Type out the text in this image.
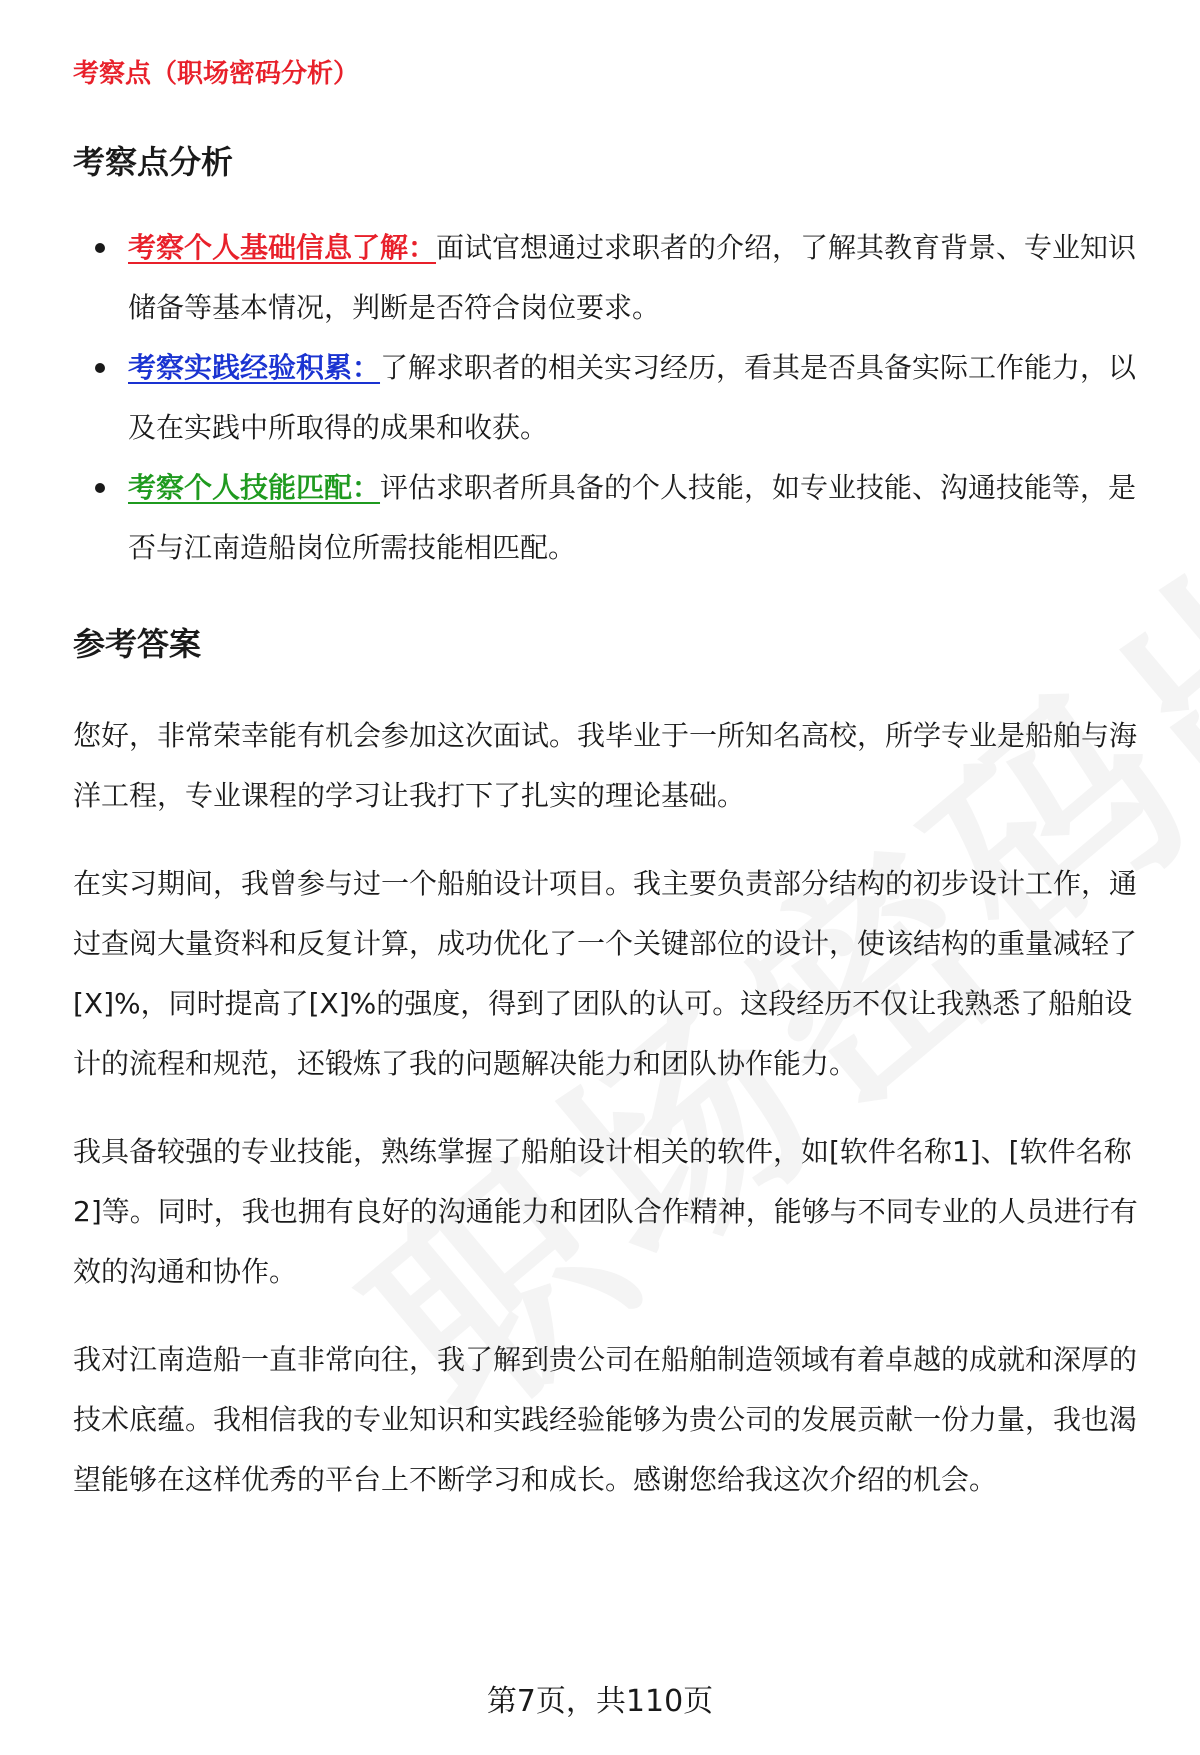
考察点（职场密码分析）

考察点分析
考察个人基础信息了解：面试官想通过求职者的介绍，了解其教育背景、专业知识储备等基本情况，判断是否符合岗位要求。
考察实践经验积累：了解求职者的相关实习经历，看其是否具备实际工作能力，以及在实践中所取得的成果和收获。
考察个人技能匹配：评估求职者所具备的个人技能，如专业技能、沟通技能等，是否与江南造船岗位所需技能相匹配。
参考答案

您好，非常荣幸能有机会参加这次面试。我毕业于一所知名高校，所学专业是船舶与海洋工程，专业课程的学习让我打下了扎实的理论基础。

在实习期间，我曾参与过一个船舶设计项目。我主要负责部分结构的初步设计工作，通过查阅大量资料和反复计算，成功优化了一个关键部位的设计，使该结构的重量减轻了[X]%，同时提高了[X]%的强度，得到了团队的认可。这段经历不仅让我熟悉了船舶设计的流程和规范，还锻炼了我的问题解决能力和团队协作能力。

我具备较强的专业技能，熟练掌握了船舶设计相关的软件，如[软件名称1]、[软件名称2]等。同时，我也拥有良好的沟通能力和团队合作精神，能够与不同专业的人员进行有效的沟通和协作。

我对江南造船一直非常向往，我了解到贵公司在船舶制造领域有着卓越的成就和深厚的技术底蕴。我相信我的专业知识和实践经验能够为贵公司的发展贡献一份力量，我也渴望能够在这样优秀的平台上不断学习和成长。感谢您给我这次介绍的机会。

第7页，共110页
